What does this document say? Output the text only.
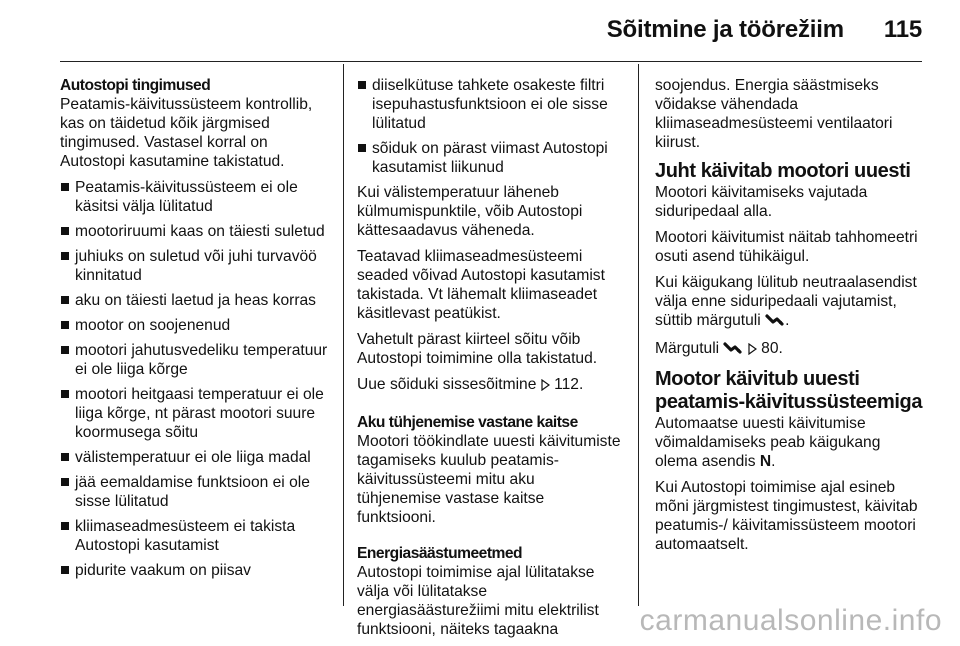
Sõitmine ja töörežiim 115

Autostopi tingimused

Peatamis-käivitussüsteem kontrollib, kas on täidetud kõik järgmised tingimused. Vastasel korral on Autostopi kasutamine takistatud.

Peatamis-käivitussüsteem ei ole käsitsi välja lülitatud
mootoriruumi kaas on täiesti suletud
juhiuks on suletud või juhi turvavöö kinnitatud
aku on täiesti laetud ja heas korras
mootor on soojenenud
mootori jahutusvedeliku temperatuur ei ole liiga kõrge
mootori heitgaasi temperatuur ei ole liiga kõrge, nt pärast mootori suure koormusega sõitu
välistemperatuur ei ole liiga madal
jää eemaldamise funktsioon ei ole sisse lülitatud
kliimaseadmesüsteem ei takista Autostopi kasutamist
pidurite vaakum on piisav
diiselkütuse tahkete osakeste filtri isepuhastusfunktsioon ei ole sisse lülitatud
sõiduk on pärast viimast Autostopi kasutamist liikunud

Kui välistemperatuur läheneb külmumispunktile, võib Autostopi kättesaadavus väheneda.

Teatavad kliimaseadmesüsteemi seaded võivad Autostopi kasutamist takistada. Vt lähemalt kliimaseadet käsitlevast peatükist.

Vahetult pärast kiirteel sõitu võib Autostopi toimimine olla takistatud.

Uue sõiduki sissesõitmine 112.

Aku tühjenemise vastane kaitse

Mootori töökindlate uuesti käivitumiste tagamiseks kuulub peatamis-käivitussüsteemi mitu aku tühjenemise vastase kaitse funktsiooni.

Energiasäästumeetmed

Autostopi toimimise ajal lülitatakse välja või lülitatakse energiasäästurežiimi mitu elektrilist funktsiooni, näiteks tagaakna

soojendus. Energia säästmiseks võidakse vähendada kliimaseadmesüsteemi ventilaatori kiirust.

Juht käivitab mootori uuesti

Mootori käivitamiseks vajutada siduripedaal alla.

Mootori käivitumist näitab tahhomeetri osuti asend tühikäigul.

Kui käigukang lülitub neutraalasendist välja enne siduripedaali vajutamist, süttib märgutuli .

Märgutuli	80.

Mootor käivitub uuesti
peatamis-käivitussüsteemiga

Automaatse uuesti käivitumise võimaldamiseks peab käigukang olema asendis N.

Kui Autostopi toimimise ajal esineb mõni järgmistest tingimustest, käivitab peatumis-/ käivitamissüsteem mootori automaatselt.

carmanualsonline.info
